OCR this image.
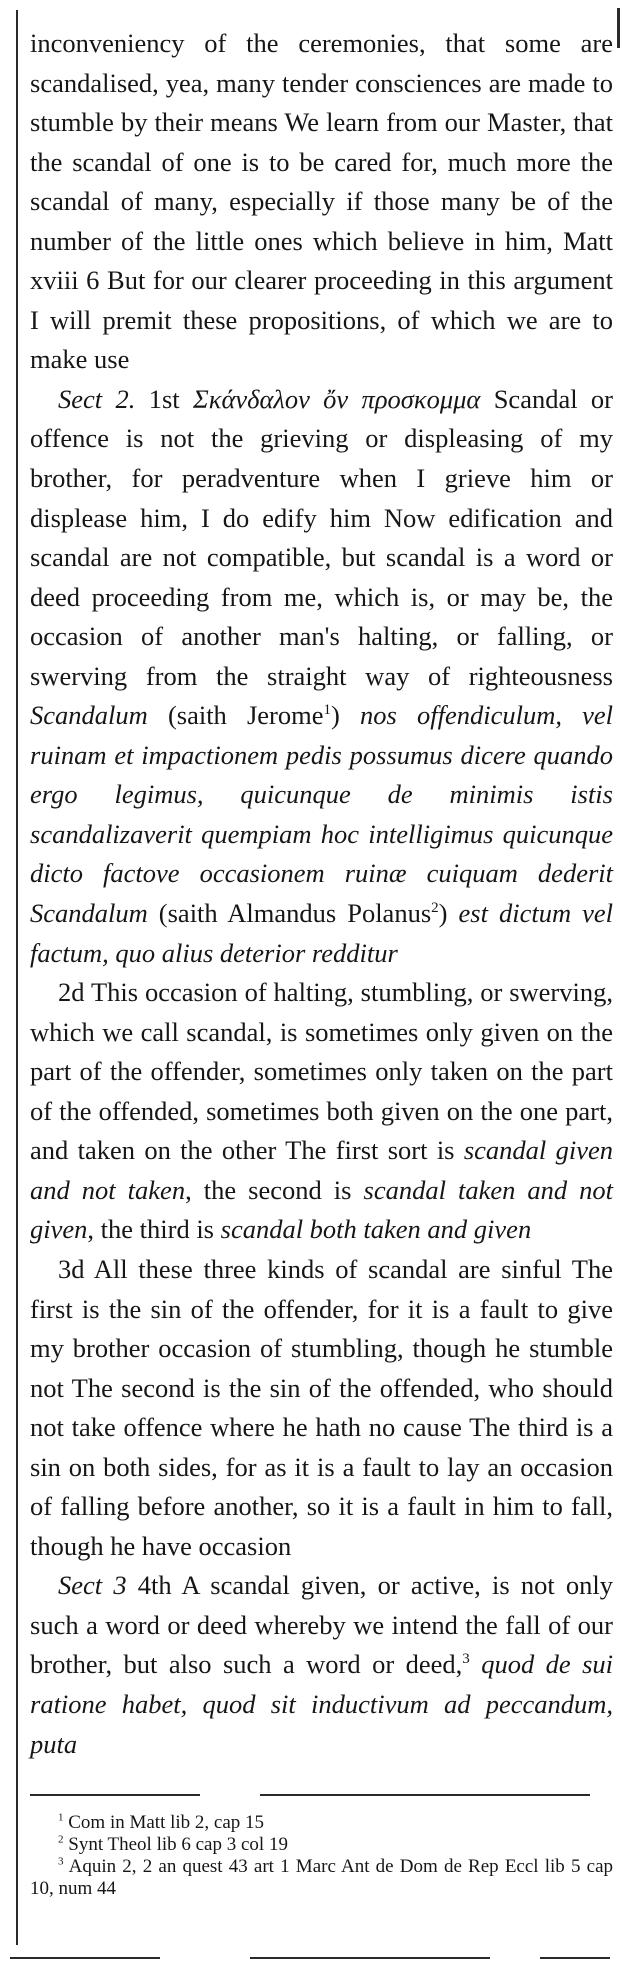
inconveniency of the ceremonies, that some are scandalised, yea, many tender consciences are made to stumble by their means We learn from our Master, that the scandal of one is to be cared for, much more the scandal of many, especially if those many be of the number of the little ones which believe in him, Matt xviii 6 But for our clearer proceeding in this argument I will premit these propositions, of which we are to make use

Sect 2. 1st Σκάνδαλον ὄν προσκομμα Scandal or offence is not the grieving or displeasing of my brother, for peradventure when I grieve him or displease him, I do edify him Now edification and scandal are not compatible, but scandal is a word or deed proceeding from me, which is, or may be, the occasion of another man's halting, or falling, or swerving from the straight way of righteousness Scandalum (saith Jerome$^1$) nos offendiculum, vel ruinam et impactionem pedis possumus dicere quando ergo legimus, quicunque de minimis istis scandalizaverit quempiam hoc intelligimus quicunque dicto factove occasionem ruinæ cuiquam dederit Scandalum (saith Almandus Polanus$^2$) est dictum vel factum, quo alius deterior redditur

2d This occasion of halting, stumbling, or swerving, which we call scandal, is sometimes only given on the part of the offender, sometimes only taken on the part of the offended, sometimes both given on the one part, and taken on the other The first sort is scandal given and not taken, the second is scandal taken and not given, the third is scandal both taken and given

3d All these three kinds of scandal are sinful The first is the sin of the offender, for it is a fault to give my brother occasion of stumbling, though he stumble not The second is the sin of the offended, who should not take offence where he hath no cause The third is a sin on both sides, for as it is a fault to lay an occasion of falling before another, so it is a fault in him to fall, though he have occasion

Sect 3 4th A scandal given, or active, is not only such a word or deed whereby we intend the fall of our brother, but also such a word or deed,$^3$ quod de sui ratione habet, quod sit inductivum ad peccandum, puta

$^1$ Com in Matt lib 2, cap 15

$^2$ Synt Theol lib 6 cap 3 col 19

$^3$ Aquin 2, 2 an quest 43 art 1 Marc Ant de Dom de Rep Eccl lib 5 cap 10, num 44
